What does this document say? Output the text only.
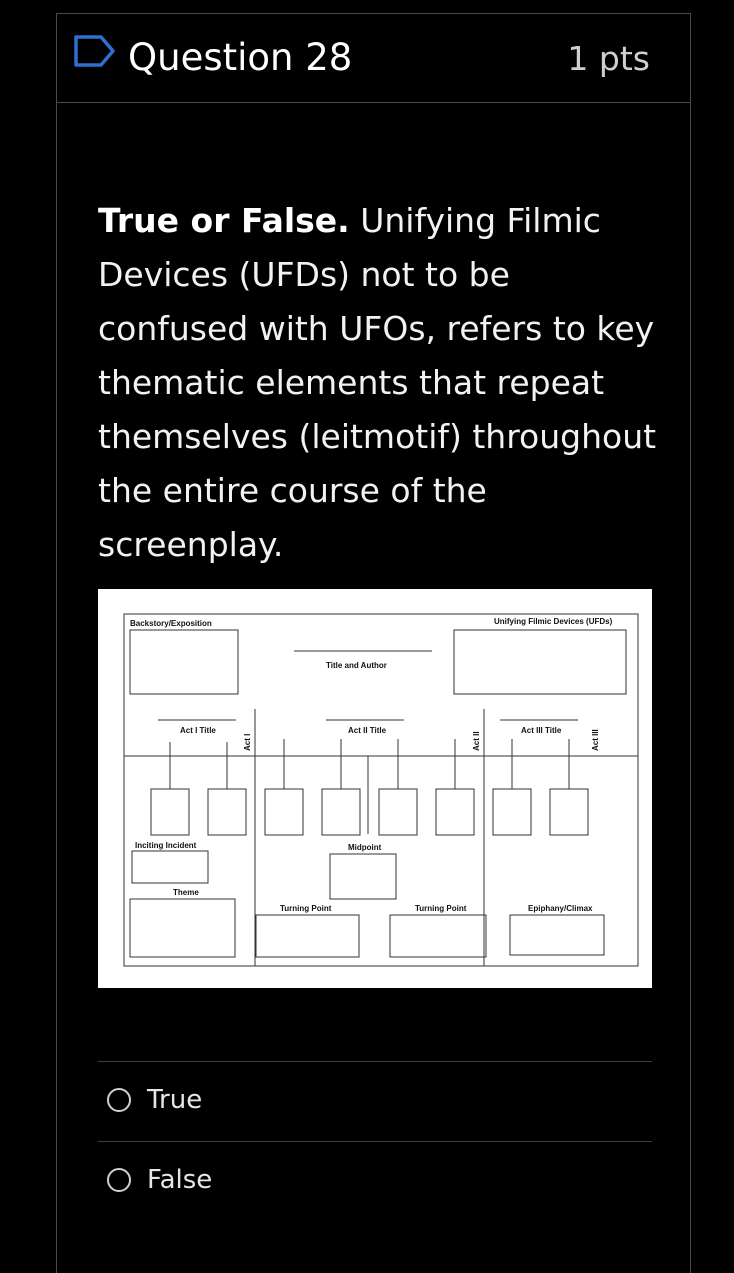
Question 28	1 pts
True or False. Unifying Filmic Devices (UFDs) not to be confused with UFOs, refers to key thematic elements that repeat themselves (leitmotif) throughout the entire course of the screenplay.
Backstory/Exposition	Unifying Filmic Devices (UFDs)
Title and Author
Act I Title	Act II Title	Act III Title
Act I	Act II	Act III
Inciting Incident	Midpoint
Theme
Turning Point	Turning Point	Epiphany/Climax
True
False
